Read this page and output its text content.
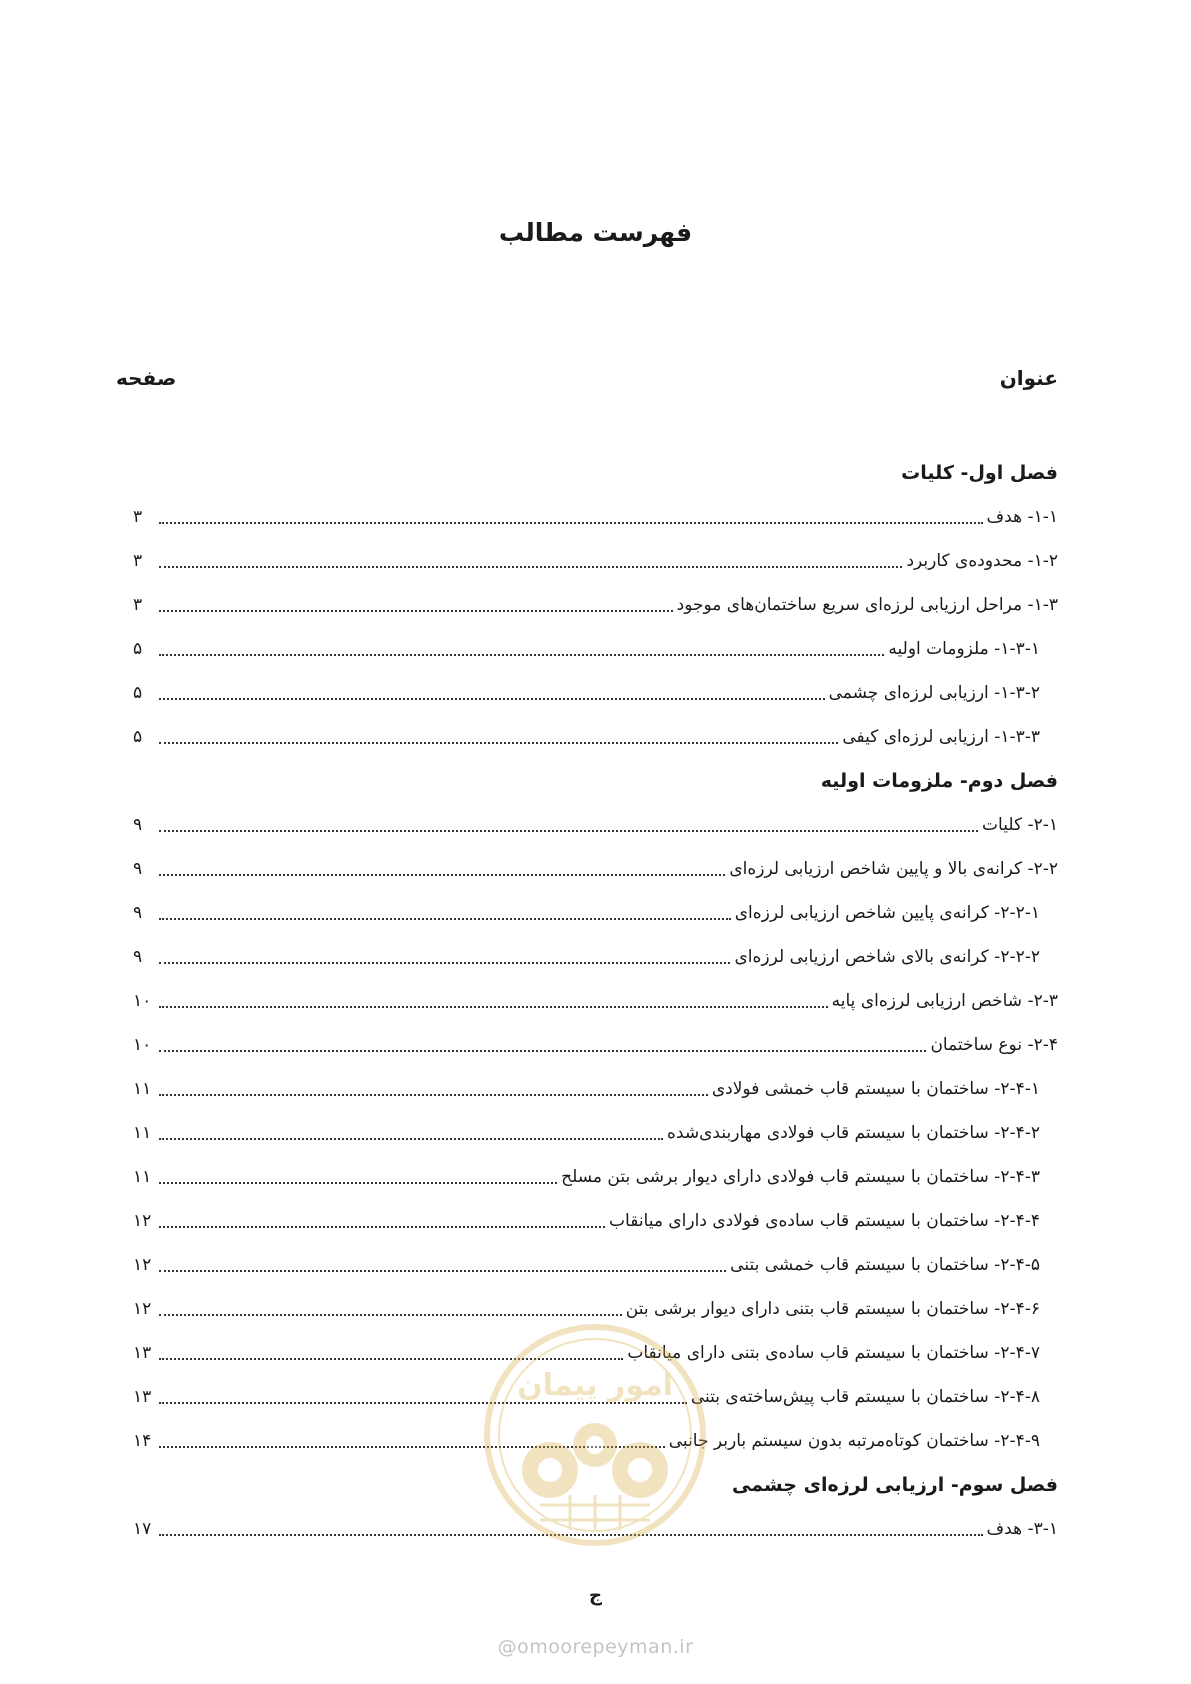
فهرست مطالب
عنوان
صفحه
فصل اول- کلیات
۱-۱- هدف
۳
۱-۲- محدوده‌ی کاربرد
۳
۱-۳- مراحل ارزیابی لرزه‌ای سریع ساختمان‌های موجود
۳
۱-۳-۱- ملزومات اولیه
۵
۱-۳-۲- ارزیابی لرزه‌ای چشمی
۵
۱-۳-۳- ارزیابی لرزه‌ای کیفی
۵
فصل دوم- ملزومات اولیه
۲-۱- کلیات
۹
۲-۲- کرانه‌ی بالا و پایین شاخص ارزیابی لرزه‌ای
۹
۲-۲-۱- کرانه‌ی پایین شاخص ارزیابی لرزه‌ای
۹
۲-۲-۲- کرانه‌ی بالای شاخص ارزیابی لرزه‌ای
۹
۲-۳- شاخص ارزیابی لرزه‌ای پایه
۱۰
۲-۴- نوع ساختمان
۱۰
۲-۴-۱- ساختمان با سیستم قاب خمشی فولادی
۱۱
۲-۴-۲- ساختمان با سیستم قاب فولادی مهاربندی‌شده
۱۱
۲-۴-۳- ساختمان با سیستم قاب فولادی دارای دیوار برشی بتن مسلح
۱۱
۲-۴-۴- ساختمان با سیستم قاب ساده‌ی فولادی دارای میانقاب
۱۲
۲-۴-۵- ساختمان با سیستم قاب خمشی بتنی
۱۲
۲-۴-۶- ساختمان با سیستم قاب بتنی دارای دیوار برشی بتن
۱۲
۲-۴-۷- ساختمان با سیستم قاب ساده‌ی بتنی دارای میانقاب
۱۳
۲-۴-۸- ساختمان با سیستم قاب پیش‌ساخته‌ی بتنی
۱۳
۲-۴-۹- ساختمان کوتاه‌مرتبه بدون سیستم باربر جانبی
۱۴
فصل سوم- ارزیابی لرزه‌ای چشمی
۳-۱- هدف
۱۷
ج
امور پیمان
@omoorepeyman.ir
